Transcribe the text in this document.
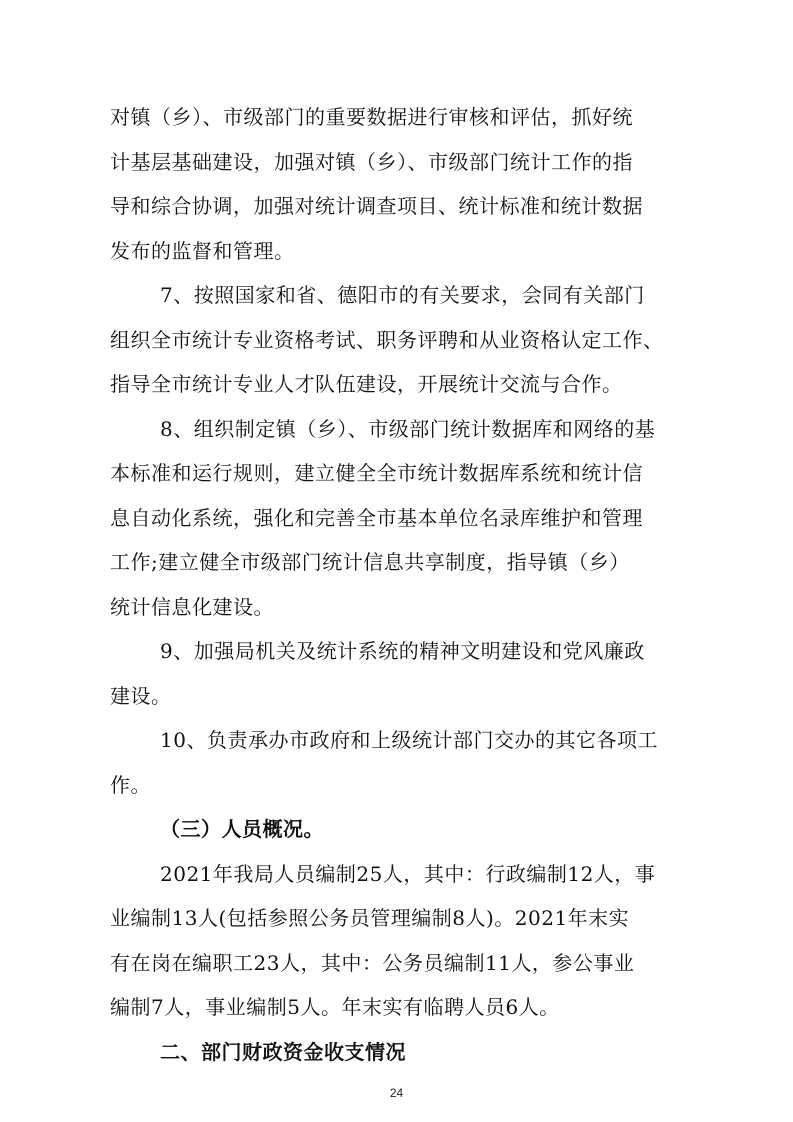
对镇（乡）、市级部门的重要数据进行审核和评估，抓好统
计基层基础建设，加强对镇（乡）、市级部门统计工作的指
导和综合协调，加强对统计调查项目、统计标准和统计数据
发布的监督和管理。
7、按照国家和省、德阳市的有关要求，会同有关部门
组织全市统计专业资格考试、职务评聘和从业资格认定工作、
指导全市统计专业人才队伍建设，开展统计交流与合作。
8、组织制定镇（乡）、市级部门统计数据库和网络的基
本标准和运行规则，建立健全全市统计数据库系统和统计信
息自动化系统，强化和完善全市基本单位名录库维护和管理
工作;建立健全市级部门统计信息共享制度，指导镇（乡）
统计信息化建设。
9、加强局机关及统计系统的精神文明建设和党风廉政
建设。
10、负责承办市政府和上级统计部门交办的其它各项工
作。
（三）人员概况。
2021年我局人员编制25人，其中：行政编制12人，事
业编制13人(包括参照公务员管理编制8人)。2021年末实
有在岗在编职工23人，其中：公务员编制11人，参公事业
编制7人，事业编制5人。年末实有临聘人员6人。
二、部门财政资金收支情况
24
